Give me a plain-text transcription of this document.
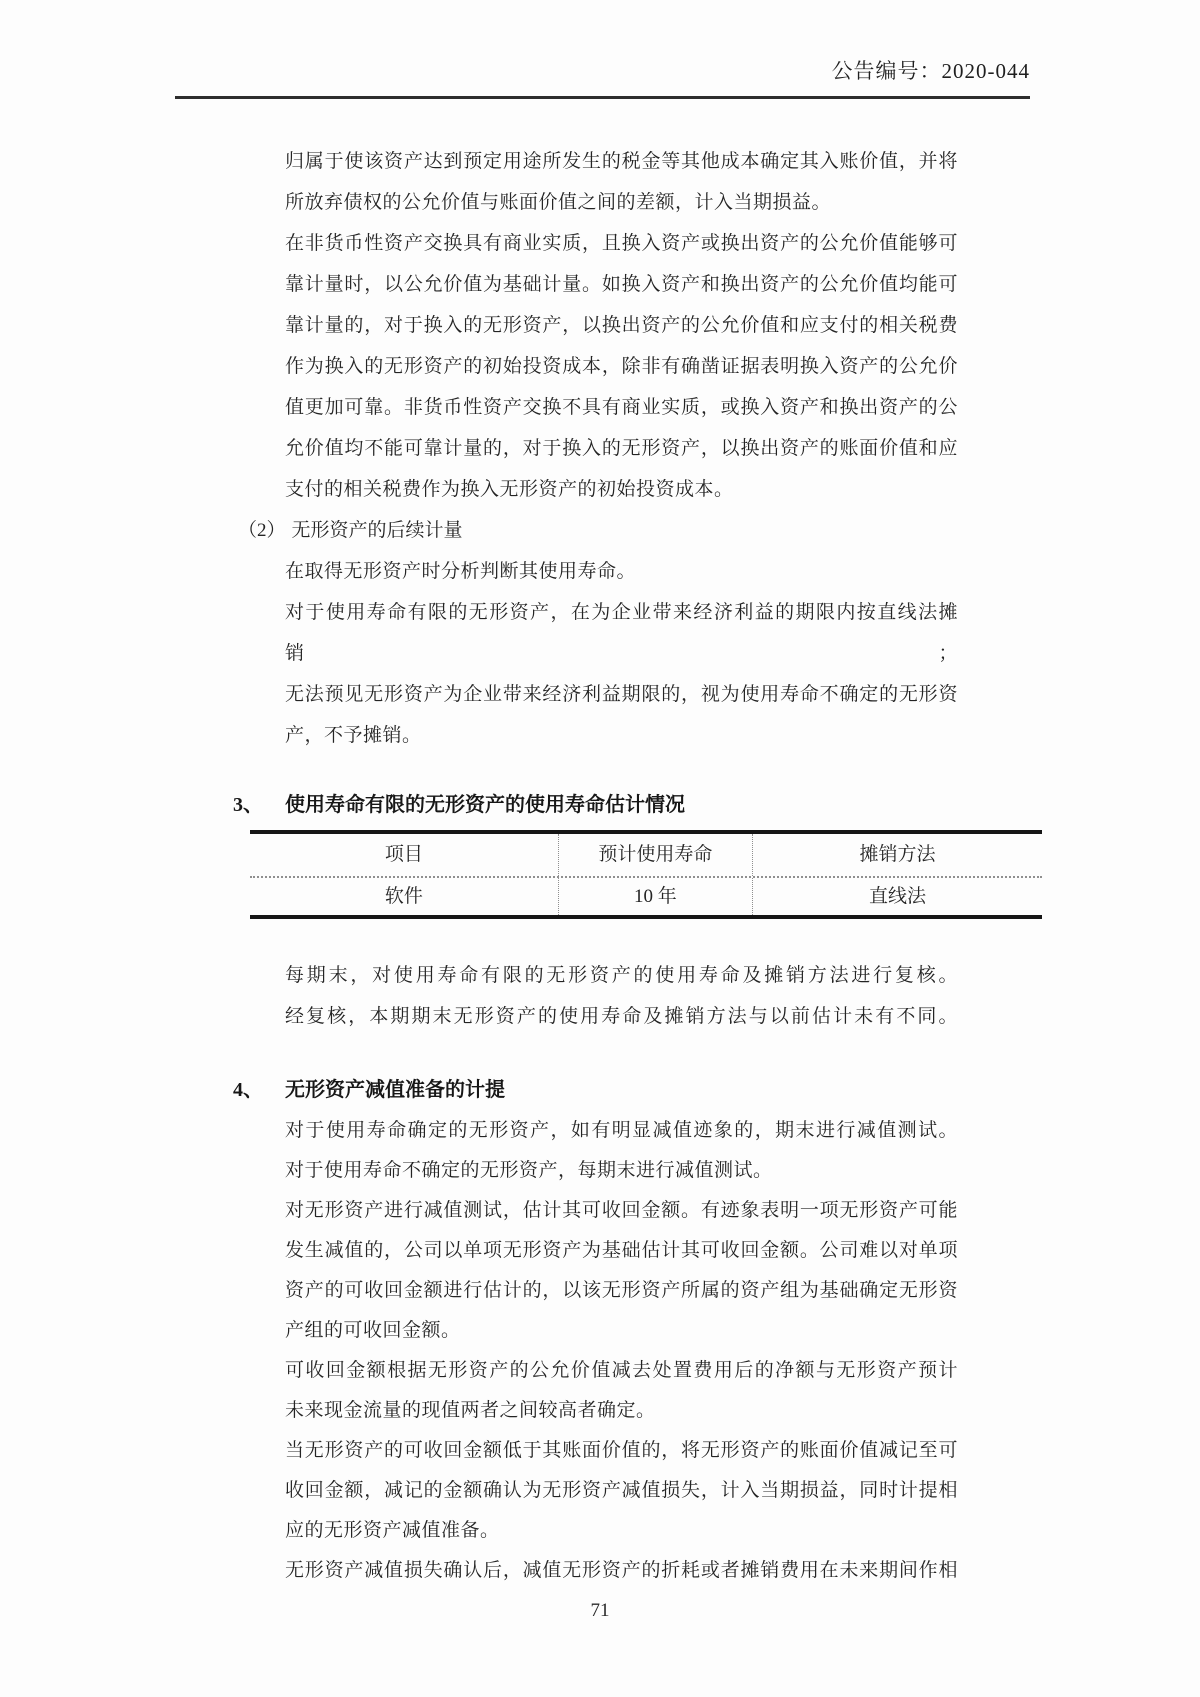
公告编号：2020-044
归属于使该资产达到预定用途所发生的税金等其他成本确定其入账价值，并将
所放弃债权的公允价值与账面价值之间的差额，计入当期损益。
在非货币性资产交换具有商业实质，且换入资产或换出资产的公允价值能够可
靠计量时，以公允价值为基础计量。如换入资产和换出资产的公允价值均能可
靠计量的，对于换入的无形资产，以换出资产的公允价值和应支付的相关税费
作为换入的无形资产的初始投资成本，除非有确凿证据表明换入资产的公允价
值更加可靠。非货币性资产交换不具有商业实质，或换入资产和换出资产的公
允价值均不能可靠计量的，对于换入的无形资产，以换出资产的账面价值和应
支付的相关税费作为换入无形资产的初始投资成本。
（2） 无形资产的后续计量
在取得无形资产时分析判断其使用寿命。
对于使用寿命有限的无形资产，在为企业带来经济利益的期限内按直线法摊销；
无法预见无形资产为企业带来经济利益期限的，视为使用寿命不确定的无形资
产，不予摊销。
3、	使用寿命有限的无形资产的使用寿命估计情况
项目	预计使用寿命	摊销方法
软件	10 年	直线法
每期末，对使用寿命有限的无形资产的使用寿命及摊销方法进行复核。
经复核，本期期末无形资产的使用寿命及摊销方法与以前估计未有不同。
4、	无形资产减值准备的计提
对于使用寿命确定的无形资产，如有明显减值迹象的，期末进行减值测试。
对于使用寿命不确定的无形资产，每期末进行减值测试。
对无形资产进行减值测试，估计其可收回金额。有迹象表明一项无形资产可能
发生减值的，公司以单项无形资产为基础估计其可收回金额。公司难以对单项
资产的可收回金额进行估计的，以该无形资产所属的资产组为基础确定无形资
产组的可收回金额。
可收回金额根据无形资产的公允价值减去处置费用后的净额与无形资产预计
未来现金流量的现值两者之间较高者确定。
当无形资产的可收回金额低于其账面价值的，将无形资产的账面价值减记至可
收回金额，减记的金额确认为无形资产减值损失，计入当期损益，同时计提相
应的无形资产减值准备。
无形资产减值损失确认后，减值无形资产的折耗或者摊销费用在未来期间作相
71
